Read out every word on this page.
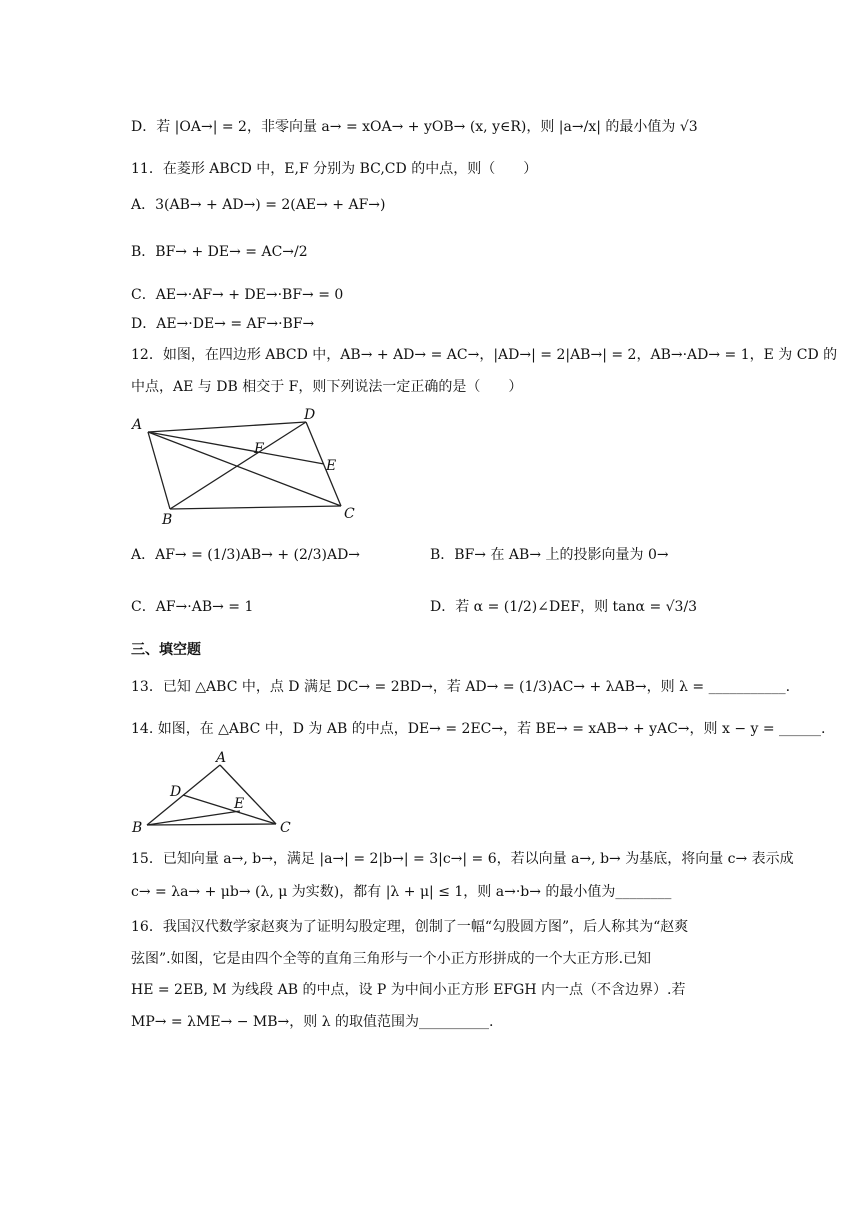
D．若 |OA→| = 2，非零向量 a→ = xOA→ + yOB→ (x, y∈R)，则 |a→/x| 的最小值为 √3
11．在菱形 ABCD 中，E,F 分别为 BC,CD 的中点，则（　　）
A．3(AB→ + AD→) = 2(AE→ + AF→)
B．BF→ + DE→ = AC→/2
C．AE→·AF→ + DE→·BF→ = 0
D．AE→·DE→ = AF→·BF→
12．如图，在四边形 ABCD 中，AB→ + AD→ = AC→，|AD→| = 2|AB→| = 2，AB→·AD→ = 1，E 为 CD 的
中点，AE 与 DB 相交于 F，则下列说法一定正确的是（　　）
A
D
F
E
B	C
A．AF→ = (1/3)AB→ + (2/3)AD→	B．BF→ 在 AB→ 上的投影向量为 0→
C．AF→·AB→ = 1	D．若 α = (1/2)∠DEF，则 tanα = √3/3
三、填空题
13．已知 △ABC 中，点 D 满足 DC→ = 2BD→，若 AD→ = (1/3)AC→ + λAB→，则 λ = ___________.
14. 如图，在 △ABC 中，D 为 AB 的中点，DE→ = 2EC→，若 BE→ = xAB→ + yAC→，则 x − y = ______.
A
D
E
B	C
15．已知向量 a→, b→，满足 |a→| = 2|b→| = 3|c→| = 6，若以向量 a→, b→ 为基底，将向量 c→ 表示成
c→ = λa→ + μb→ (λ, μ 为实数)，都有 |λ + μ| ≤ 1，则 a→·b→ 的最小值为________
16．我国汉代数学家赵爽为了证明勾股定理，创制了一幅“勾股圆方图”，后人称其为“赵爽
弦图”.如图，它是由四个全等的直角三角形与一个小正方形拼成的一个大正方形.已知
HE = 2EB, M 为线段 AB 的中点，设 P 为中间小正方形 EFGH 内一点（不含边界）.若
MP→ = λME→ − MB→，则 λ 的取值范围为__________.
